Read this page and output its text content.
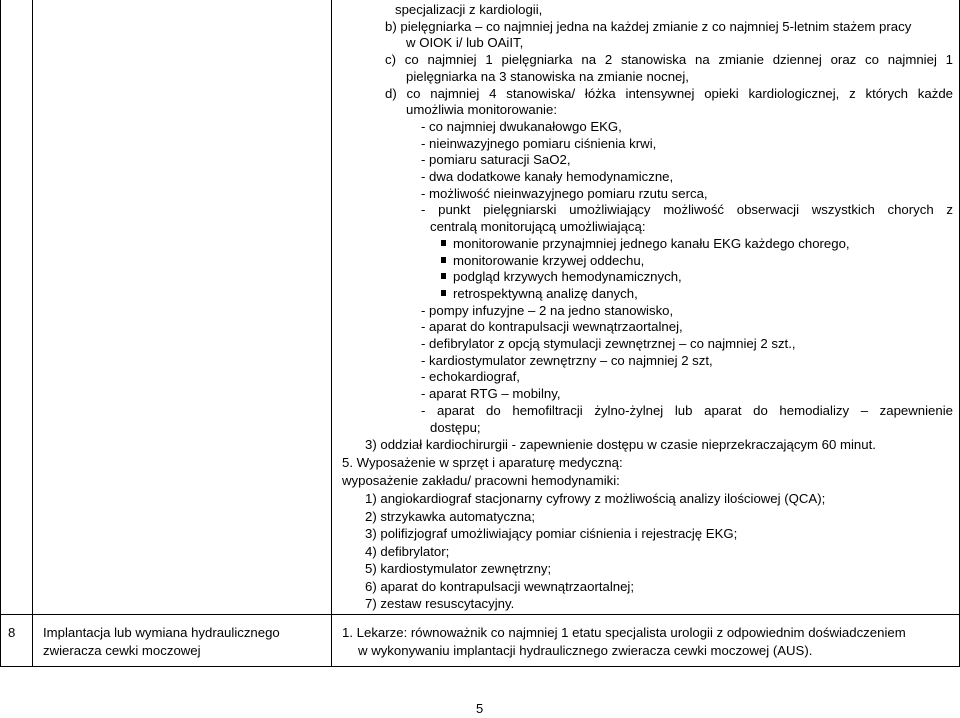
specjalizacji z kardiologii,
b) pielęgniarka – co najmniej jedna na każdej zmianie z co najmniej 5-letnim stażem pracy
w OIOK i/ lub OAiIT,
c) co najmniej 1 pielęgniarka na 2 stanowiska na zmianie dziennej oraz co najmniej 1
pielęgniarka na 3 stanowiska na zmianie nocnej,
d) co najmniej 4 stanowiska/ łóżka intensywnej opieki kardiologicznej, z których każde
umożliwia monitorowanie:
- co najmniej dwukanałowgo EKG,
- nieinwazyjnego pomiaru ciśnienia krwi,
- pomiaru saturacji SaO2,
- dwa dodatkowe kanały hemodynamiczne,
- możliwość nieinwazyjnego pomiaru rzutu serca,
- punkt pielęgniarski umożliwiający możliwość obserwacji wszystkich chorych z
centralą monitorującą umożliwiającą:
monitorowanie przynajmniej jednego kanału EKG każdego chorego,
monitorowanie krzywej oddechu,
podgląd krzywych hemodynamicznych,
retrospektywną analizę danych,
- pompy infuzyjne – 2 na jedno stanowisko,
- aparat do kontrapulsacji wewnątrzaortalnej,
- defibrylator z opcją stymulacji zewnętrznej – co najmniej 2 szt.,
- kardiostymulator zewnętrzny – co najmniej 2 szt,
- echokardiograf,
- aparat RTG – mobilny,
- aparat do hemofiltracji żylno-żylnej lub aparat do hemodializy – zapewnienie
dostępu;
3) oddział kardiochirurgii - zapewnienie dostępu w czasie nieprzekraczającym 60 minut.
5. Wyposażenie w sprzęt i aparaturę medyczną:
wyposażenie zakładu/ pracowni hemodynamiki:
8 Implantacja lub wymiana hydraulicznego
zwieracza cewki moczowej
1. Lekarze: równoważnik co najmniej 1 etatu specjalista urologii z odpowiednim doświadczeniem
w wykonywaniu implantacji hydraulicznego zwieracza cewki moczowej (AUS).
5
1) angiokardiograf stacjonarny cyfrowy z możliwością analizy ilościowej (QCA);
2) strzykawka automatyczna;
3) polifizjograf umożliwiający pomiar ciśnienia i rejestrację EKG;
4) defibrylator;
5) kardiostymulator zewnętrzny;
6) aparat do kontrapulsacji wewnątrzaortalnej;
7) zestaw resuscytacyjny.
